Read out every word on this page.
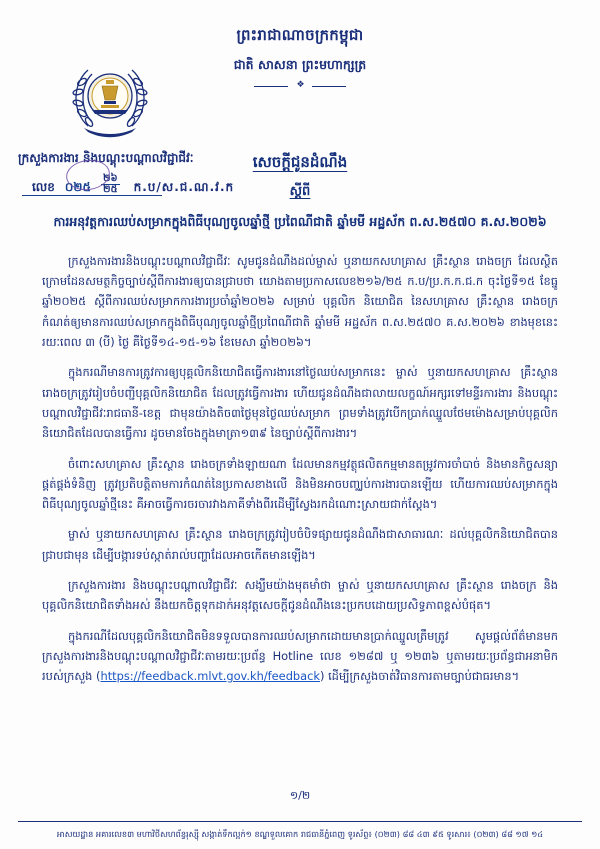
ព្រះរាជាណាចក្រកម្ពុជា
ជាតិ សាសនា ព្រះមហាក្សត្រ
❖
ក្រសួងការងារ និងបណ្ដុះបណ្ដាលវិជ្ជាជីវៈ
លេខ ០២៥	$\frac{២៦}{២៥}$ ក.ប/ស.ជ.ណ.វ.ក
សេចក្ដីជូនដំណឹង
ស្ដីពី
ការអនុវត្តការឈប់សម្រាកក្នុងពិធីបុណ្យចូលឆ្នាំថ្មី ប្រពៃណីជាតិ ឆ្នាំមមី អដ្ឋស័ក ព.ស.២៥៧០ គ.ស.២០២៦

ក្រសួងការងារនិងបណ្ដុះបណ្ដាលវិជ្ជាជីវៈ សូមជូនដំណឹងដល់ម្ចាស់ ឬនាយកសហគ្រាស គ្រឹះស្ថាន រោងចក្រ ដែលស្ថិតក្រោមដែនសមត្ថកិច្ចច្បាប់ស្ដីពីការងារឲ្យបានជ្រាបថា យោងតាមប្រកាសលេខ២១៦/២៥ ក.ប/ប្រ.ក.ក.ជ.ក ចុះថ្ងៃទី១៥ ខែធ្នូ ឆ្នាំ២០២៥ ស្ដីពីការឈប់សម្រាកការងារប្រចាំឆ្នាំ២០២៦ សម្រាប់ បុគ្គលិក និយោជិត នៃសហគ្រាស គ្រឹះស្ថាន រោងចក្រ កំណត់ឲ្យមានការឈប់សម្រាកក្នុងពិធីបុណ្យចូលឆ្នាំថ្មីប្រពៃណីជាតិ ឆ្នាំមមី អដ្ឋស័ក ព.ស.២៥៧០ គ.ស.២០២៦ ខាងមុខនេះ រយៈពេល ៣ (បី) ថ្ងៃ គឺថ្ងៃទី១៤-១៥-១៦ ខែមេសា ឆ្នាំ២០២៦។

ក្នុងករណីមានការត្រូវការឲ្យបុគ្គលិកនិយោជិតធ្វើការងារនៅថ្ងៃឈប់សម្រាកនេះ ម្ចាស់ ឬនាយកសហគ្រាស គ្រឹះស្ថាន រោងចក្រត្រូវរៀបចំបញ្ជីបុគ្គលិកនិយោជិត ដែលត្រូវធ្វើការងារ ហើយជូនដំណឹងជាលាយលក្ខណ៍អក្សរទៅមន្ទីរការងារ និងបណ្ដុះបណ្ដាលវិជ្ជាជីវៈរាជធានី-ខេត្ត ជាមុនយ៉ាងតិច៣ថ្ងៃមុនថ្ងៃឈប់សម្រាក ព្រមទាំងត្រូវបើកប្រាក់ឈ្នួលថែមម៉ោងសម្រាប់បុគ្គលិកនិយោជិតដែលបានធ្វើការ ដូចមានចែងក្នុងមាត្រា១៣៩ នៃច្បាប់ស្ដីពីការងារ។

ចំពោះសហគ្រាស គ្រឹះស្ថាន រោងចក្រទាំងឡាយណា ដែលមានកម្មវត្ថុផលិតកម្មមានតម្រូវការចាំបាច់ និងមានកិច្ចសន្យាផ្គត់ផ្គង់ទំនិញ ត្រូវប្រតិបត្តិតាមការកំណត់នៃប្រកាសខាងលើ និងមិនអាចបញ្ឈប់ការងារបានឡើយ ហើយការឈប់សម្រាកក្នុងពិធីបុណ្យចូលឆ្នាំថ្មីនេះ គឺអាចធ្វើការចរចារវាងភាគីទាំងពីរដើម្បីស្វែងរកដំណោះស្រាយជាក់ស្ដែង។

ម្ចាស់ ឬនាយកសហគ្រាស គ្រឹះស្ថាន រោងចក្រត្រូវរៀបចំបិទផ្សាយជូនដំណឹងជាសាធារណៈ ដល់បុគ្គលិកនិយោជិតបានជ្រាបជាមុន ដើម្បីបង្ការទប់ស្កាត់រាល់បញ្ហាដែលអាចកើតមានឡើង។

ក្រសួងការងារ និងបណ្ដុះបណ្ដាលវិជ្ជាជីវៈ សង្ឃឹមយ៉ាងមុតមាំថា ម្ចាស់ ឬនាយកសហគ្រាស គ្រឹះស្ថាន រោងចក្រ និងបុគ្គលិកនិយោជិតទាំងអស់ នឹងយកចិត្តទុកដាក់អនុវត្តសេចក្ដីជូនដំណឹងនេះប្រកបដោយប្រសិទ្ធភាពខ្ពស់បំផុត។

ក្នុងករណីដែលបុគ្គលិកនិយោជិតមិនទទួលបានការឈប់សម្រាកដោយមានប្រាក់ឈ្នួលត្រឹមត្រូវ សូមផ្ដល់ព័ត៌មានមកក្រសួងការងារនិងបណ្ដុះបណ្ដាលវិជ្ជាជីវៈតាមរយៈប្រព័ន្ធ Hotline លេខ ១២៨៧ ឬ ១២៣៦ ឬតាមរយៈប្រព័ន្ធជាអនាមិករបស់ក្រសួង (https://feedback.mlvt.gov.kh/feedback) ដើម្បីក្រសួងចាត់វិធានការតាមច្បាប់ជាធរមាន។

១/២
អាសយដ្ឋាន អគារលេខ៣ មហាវិថីសហព័ន្ធរុស្ស៊ី សង្កាត់ទឹកល្អក់១ ខណ្ឌទួលគោក រាជធានីភ្នំពេញ ទូរស័ព្ទ៖ (០២៣) ៨៨ ៤៣ ៩៥ ទូរសារ៖ (០២៣) ៨៨ ១៧ ១៤
